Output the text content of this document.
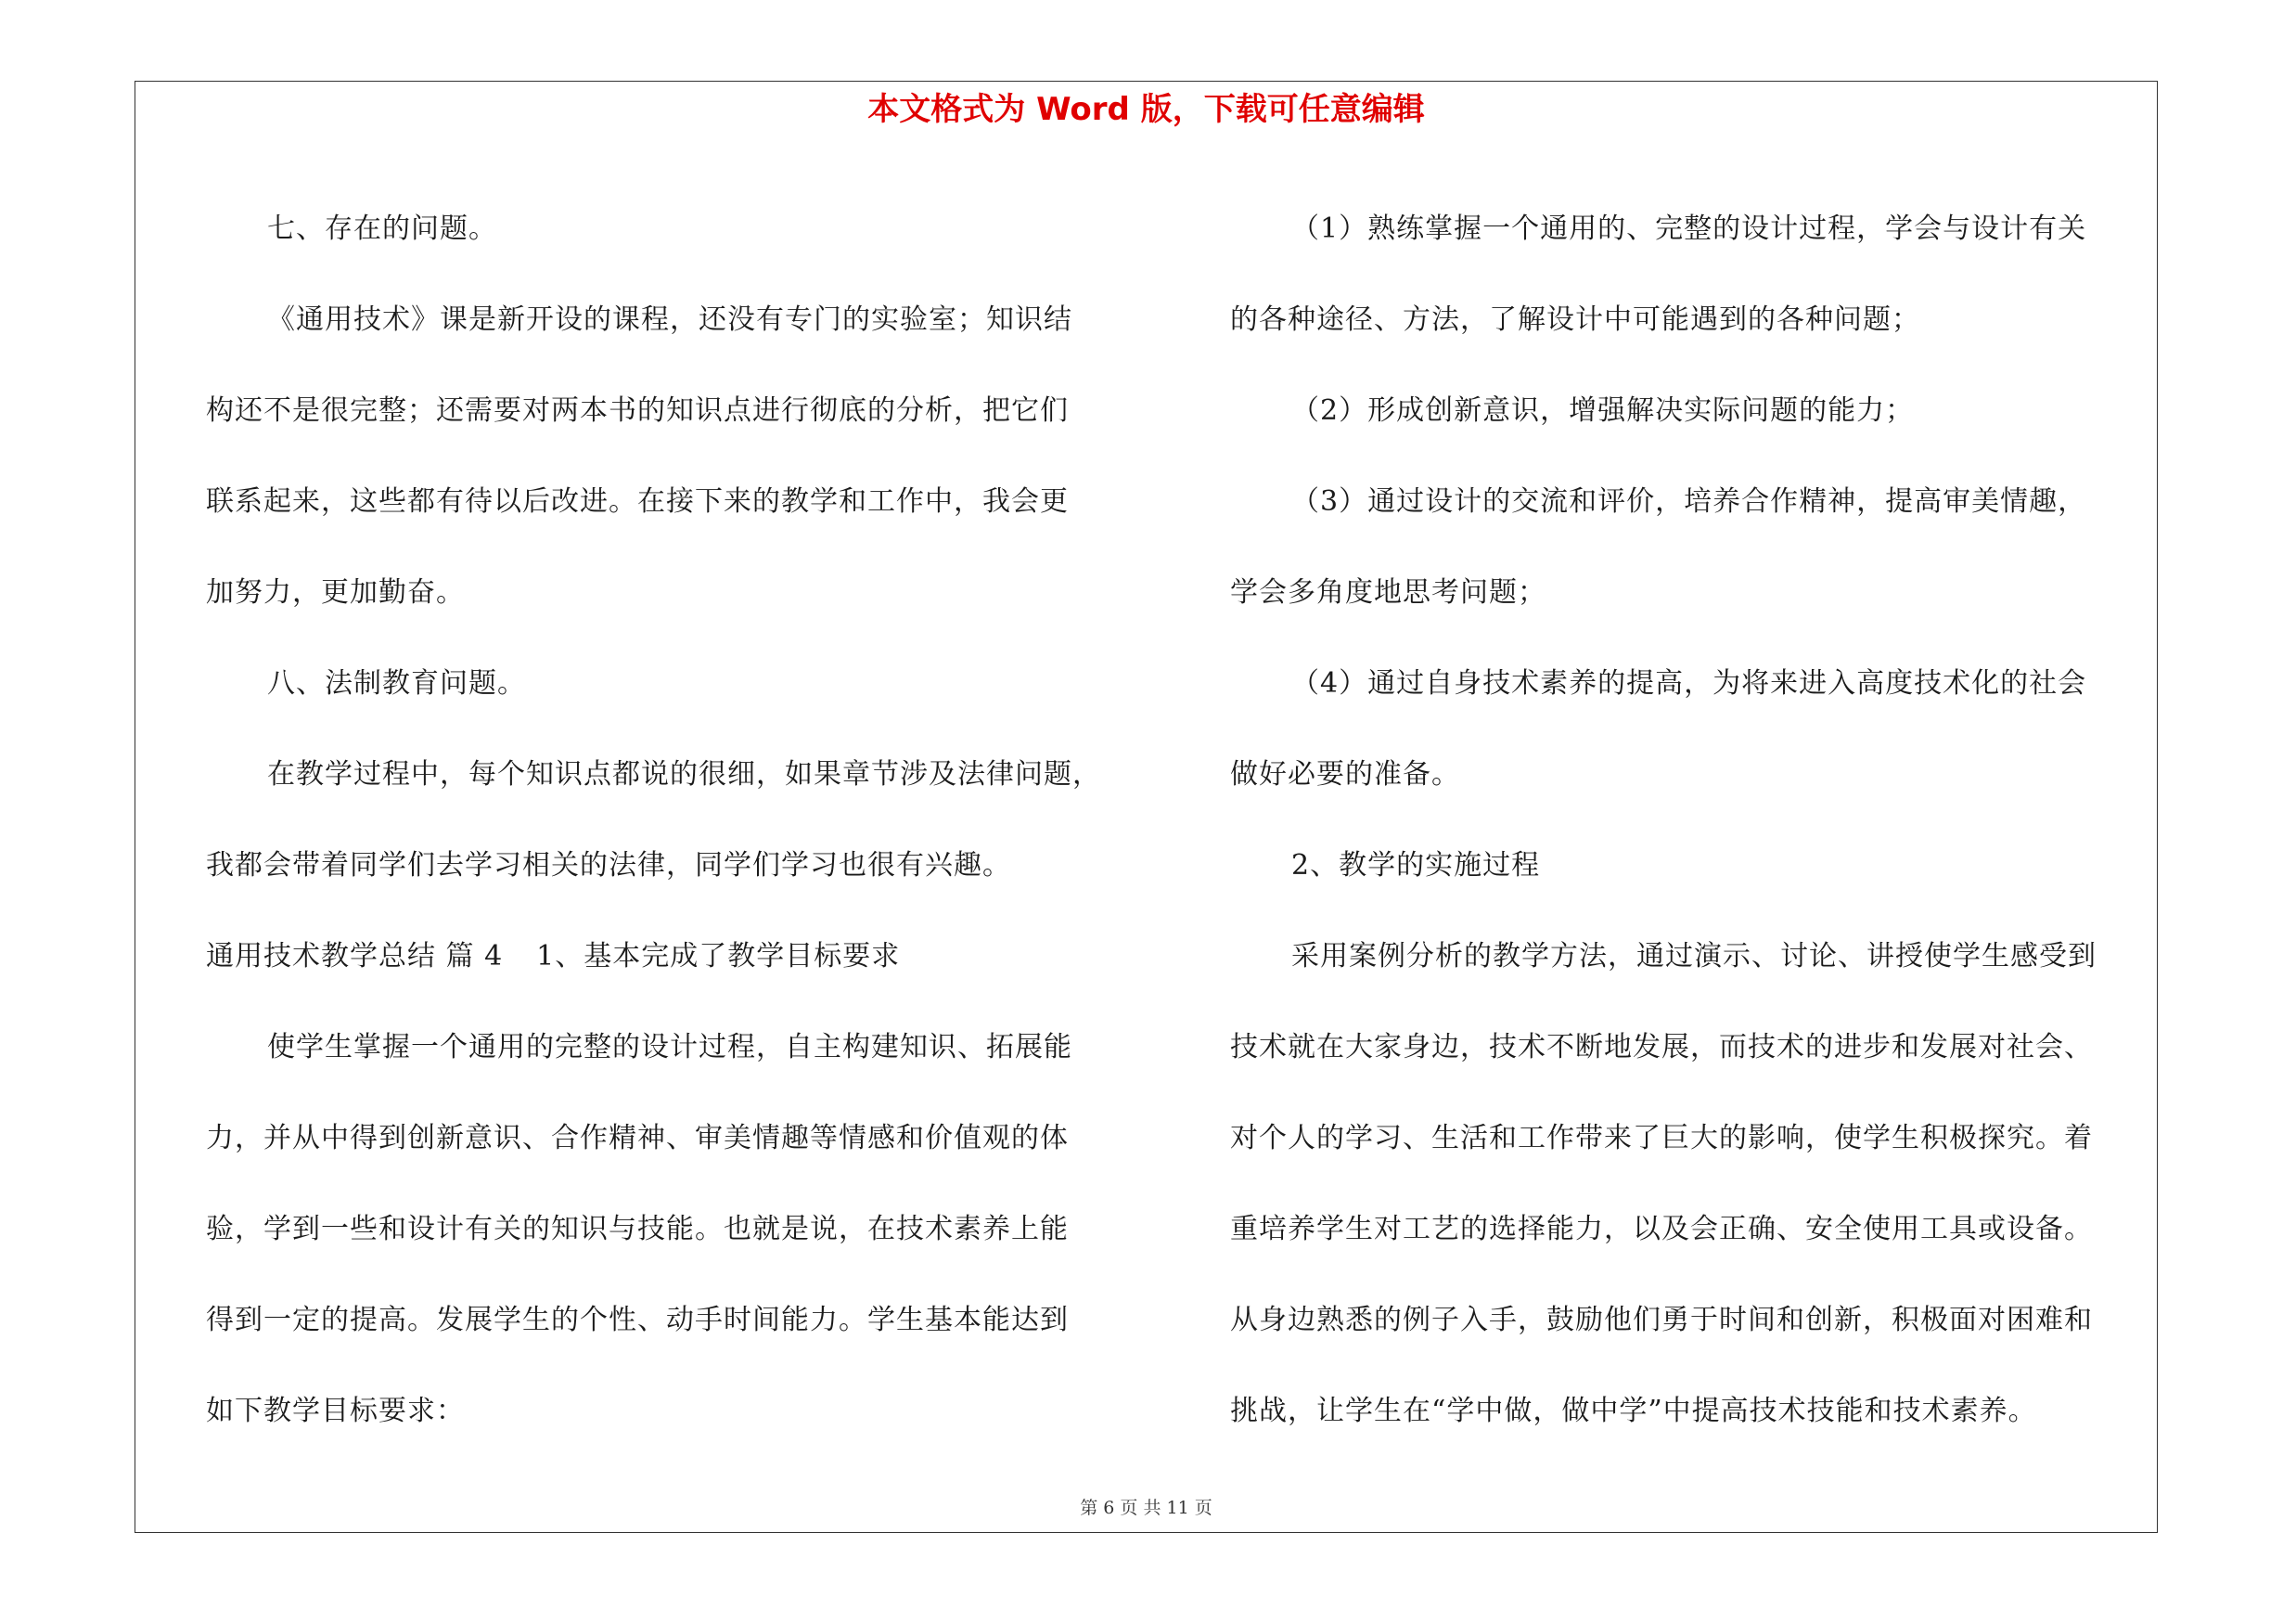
本文格式为 Word 版，下载可任意编辑

七、存在的问题。

《通用技术》课是新开设的课程，还没有专门的实验室；知识结

构还不是很完整；还需要对两本书的知识点进行彻底的分析，把它们

联系起来，这些都有待以后改进。在接下来的教学和工作中，我会更

加努力，更加勤奋。

八、法制教育问题。

在教学过程中，每个知识点都说的很细，如果章节涉及法律问题，

我都会带着同学们去学习相关的法律，同学们学习也很有兴趣。

通用技术教学总结 篇 4 1、基本完成了教学目标要求

使学生掌握一个通用的完整的设计过程，自主构建知识、拓展能

力，并从中得到创新意识、合作精神、审美情趣等情感和价值观的体

验，学到一些和设计有关的知识与技能。也就是说，在技术素养上能

得到一定的提高。发展学生的个性、动手时间能力。学生基本能达到

如下教学目标要求：

（1）熟练掌握一个通用的、完整的设计过程，学会与设计有关

的各种途径、方法，了解设计中可能遇到的各种问题；

（2）形成创新意识，增强解决实际问题的能力；

（3）通过设计的交流和评价，培养合作精神，提高审美情趣，

学会多角度地思考问题；

（4）通过自身技术素养的提高，为将来进入高度技术化的社会

做好必要的准备。

2、教学的实施过程

采用案例分析的教学方法，通过演示、讨论、讲授使学生感受到

技术就在大家身边，技术不断地发展，而技术的进步和发展对社会、

对个人的学习、生活和工作带来了巨大的影响，使学生积极探究。着

重培养学生对工艺的选择能力，以及会正确、安全使用工具或设备。

从身边熟悉的例子入手，鼓励他们勇于时间和创新，积极面对困难和

挑战，让学生在“学中做，做中学”中提高技术技能和技术素养。

第 6 页 共 11 页
